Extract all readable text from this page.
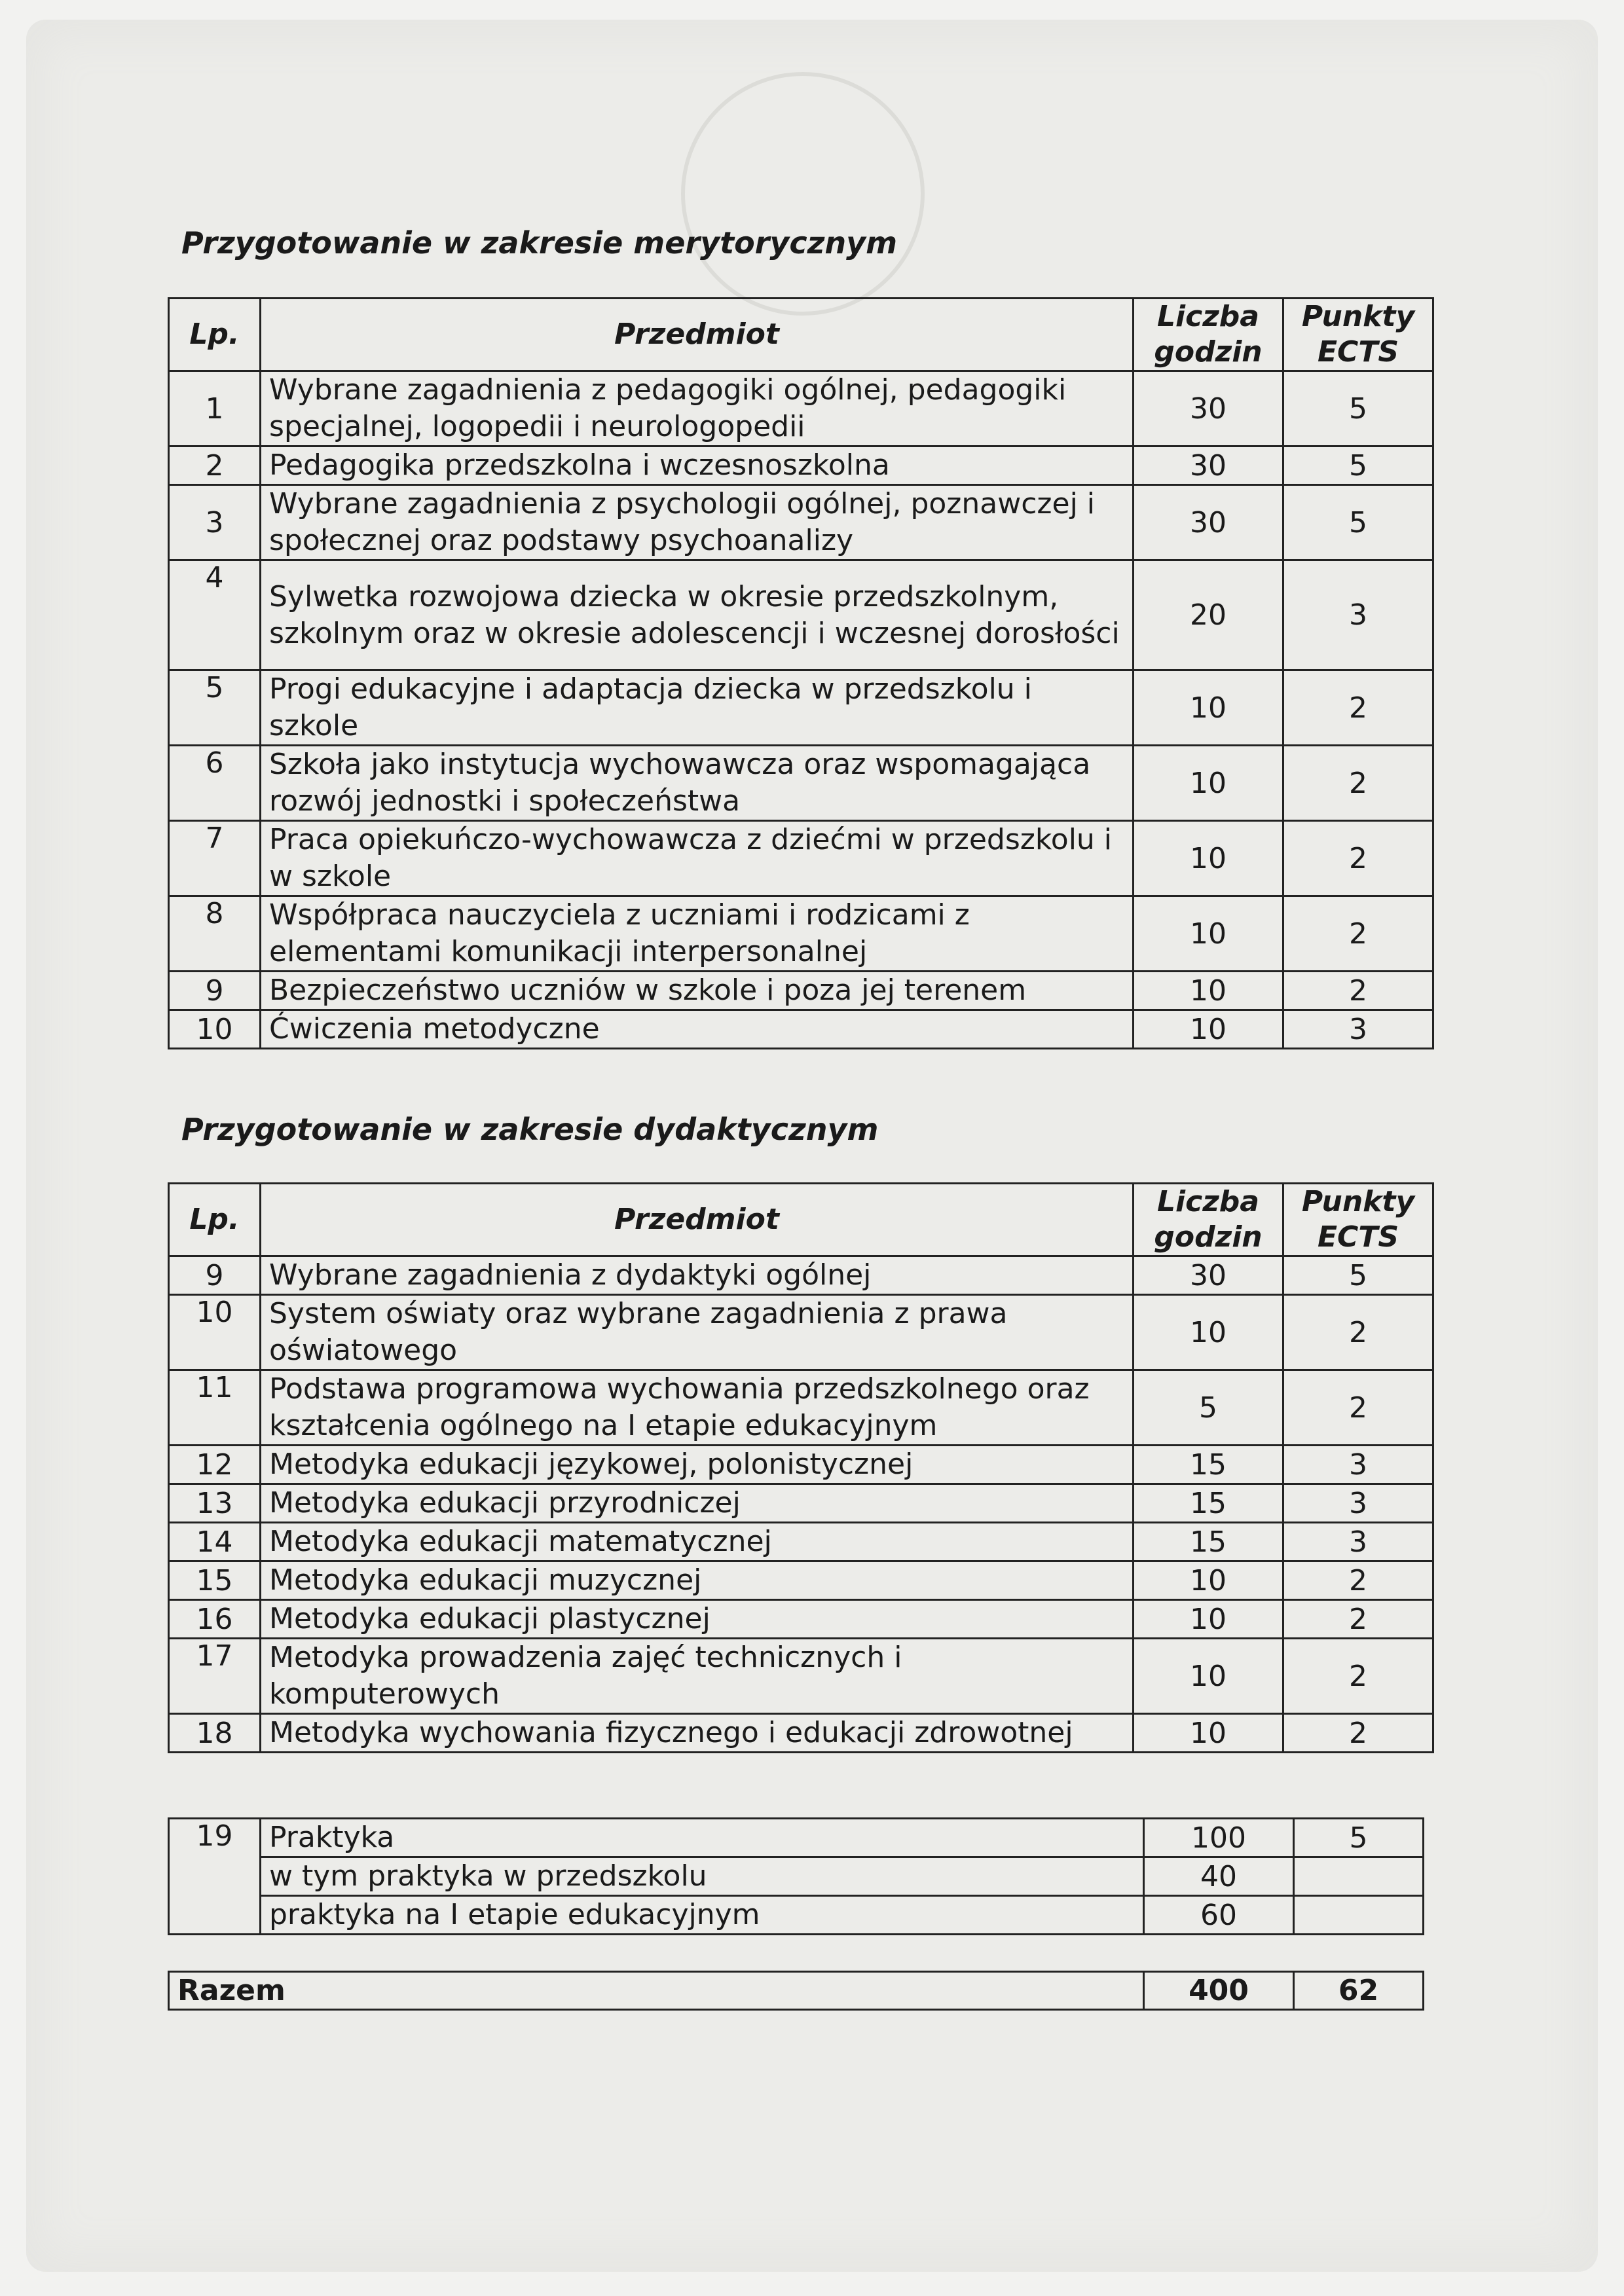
Przygotowanie w zakresie merytorycznym
Lp.	Przedmiot	Liczba godzin	Punkty ECTS
1	Wybrane zagadnienia z pedagogiki ogólnej, pedagogiki specjalnej, logopedii i neurologopedii	30	5
2	Pedagogika przedszkolna i wczesnoszkolna	30	5
3	Wybrane zagadnienia z psychologii ogólnej, poznawczej i społecznej oraz podstawy psychoanalizy	30	5
4	Sylwetka rozwojowa dziecka w okresie przedszkolnym, szkolnym oraz w okresie adolescencji i wczesnej dorosłości	20	3
5	Progi edukacyjne i adaptacja dziecka w przedszkolu i szkole	10	2
6	Szkoła jako instytucja wychowawcza oraz wspomagająca rozwój jednostki i społeczeństwa	10	2
7	Praca opiekuńczo-wychowawcza z dziećmi w przedszkolu i w szkole	10	2
8	Współpraca nauczyciela z uczniami i rodzicami z elementami komunikacji interpersonalnej	10	2
9	Bezpieczeństwo uczniów w szkole i poza jej terenem	10	2
10	Ćwiczenia metodyczne	10	3
Przygotowanie w zakresie dydaktycznym
Lp.	Przedmiot	Liczba godzin	Punkty ECTS
9	Wybrane zagadnienia z dydaktyki ogólnej	30	5
10	System oświaty oraz wybrane zagadnienia z prawa oświatowego	10	2
11	Podstawa programowa wychowania przedszkolnego oraz kształcenia ogólnego na I etapie edukacyjnym	5	2
12	Metodyka edukacji językowej, polonistycznej	15	3
13	Metodyka edukacji przyrodniczej	15	3
14	Metodyka edukacji matematycznej	15	3
15	Metodyka edukacji muzycznej	10	2
16	Metodyka edukacji plastycznej	10	2
17	Metodyka prowadzenia zajęć technicznych i komputerowych	10	2
18	Metodyka wychowania fizycznego i edukacji zdrowotnej	10	2
19	Praktyka	100	5
	w tym praktyka w przedszkolu	40	
	praktyka na I etapie edukacyjnym	60	
Razem	400	62
